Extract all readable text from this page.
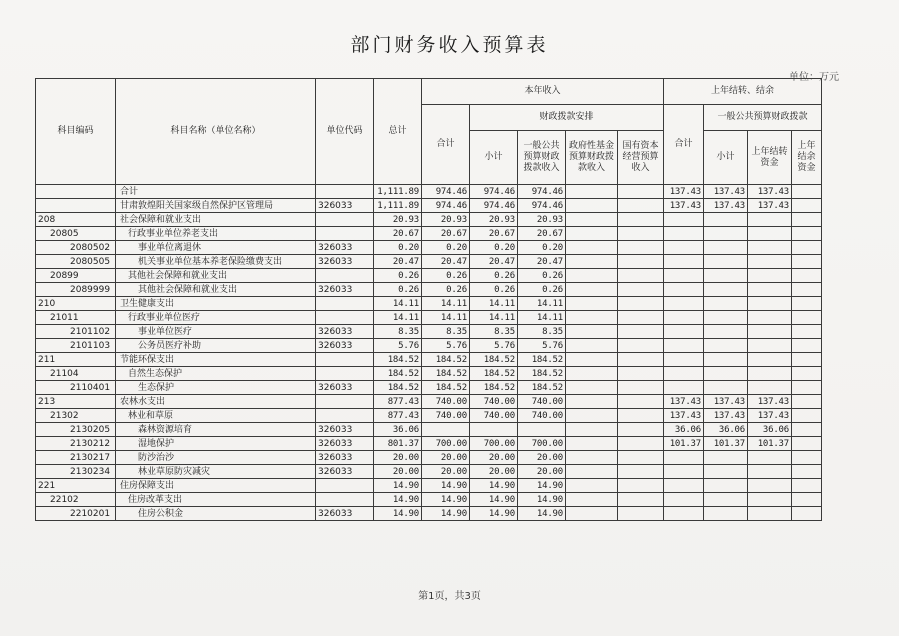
部门财务收入预算表
单位：万元
科目编码	科目名称（单位名称）	单位代码	总计	本年收入					上年结转、结余			
				合计	财政拨款安排				合计	一般公共预算财政拨款		
					小计	一般公共预算财政拨款收入	政府性基金预算财政拨款收入	国有资本经营预算收入		小计	上年结转资金	上年结余资金
	合计		1,111.89	974.46	974.46	974.46			137.43	137.43	137.43	
	甘肃敦煌阳关国家级自然保护区管理局	326033	1,111.89	974.46	974.46	974.46			137.43	137.43	137.43	
208	社会保障和就业支出		20.93	20.93	20.93	20.93						
20805	行政事业单位养老支出		20.67	20.67	20.67	20.67						
2080502	事业单位离退休	326033	0.20	0.20	0.20	0.20						
2080505	机关事业单位基本养老保险缴费支出	326033	20.47	20.47	20.47	20.47						
20899	其他社会保障和就业支出		0.26	0.26	0.26	0.26						
2089999	其他社会保障和就业支出	326033	0.26	0.26	0.26	0.26						
210	卫生健康支出		14.11	14.11	14.11	14.11						
21011	行政事业单位医疗		14.11	14.11	14.11	14.11						
2101102	事业单位医疗	326033	8.35	8.35	8.35	8.35						
2101103	公务员医疗补助	326033	5.76	5.76	5.76	5.76						
211	节能环保支出		184.52	184.52	184.52	184.52						
21104	自然生态保护		184.52	184.52	184.52	184.52						
2110401	生态保护	326033	184.52	184.52	184.52	184.52						
213	农林水支出		877.43	740.00	740.00	740.00			137.43	137.43	137.43	
21302	林业和草原		877.43	740.00	740.00	740.00			137.43	137.43	137.43	
2130205	森林资源培育	326033	36.06						36.06	36.06	36.06	
2130212	湿地保护	326033	801.37	700.00	700.00	700.00			101.37	101.37	101.37	
2130217	防沙治沙	326033	20.00	20.00	20.00	20.00						
2130234	林业草原防灾减灾	326033	20.00	20.00	20.00	20.00						
221	住房保障支出		14.90	14.90	14.90	14.90						
22102	住房改革支出		14.90	14.90	14.90	14.90						
2210201	住房公积金	326033	14.90	14.90	14.90	14.90						
第1页，共3页
